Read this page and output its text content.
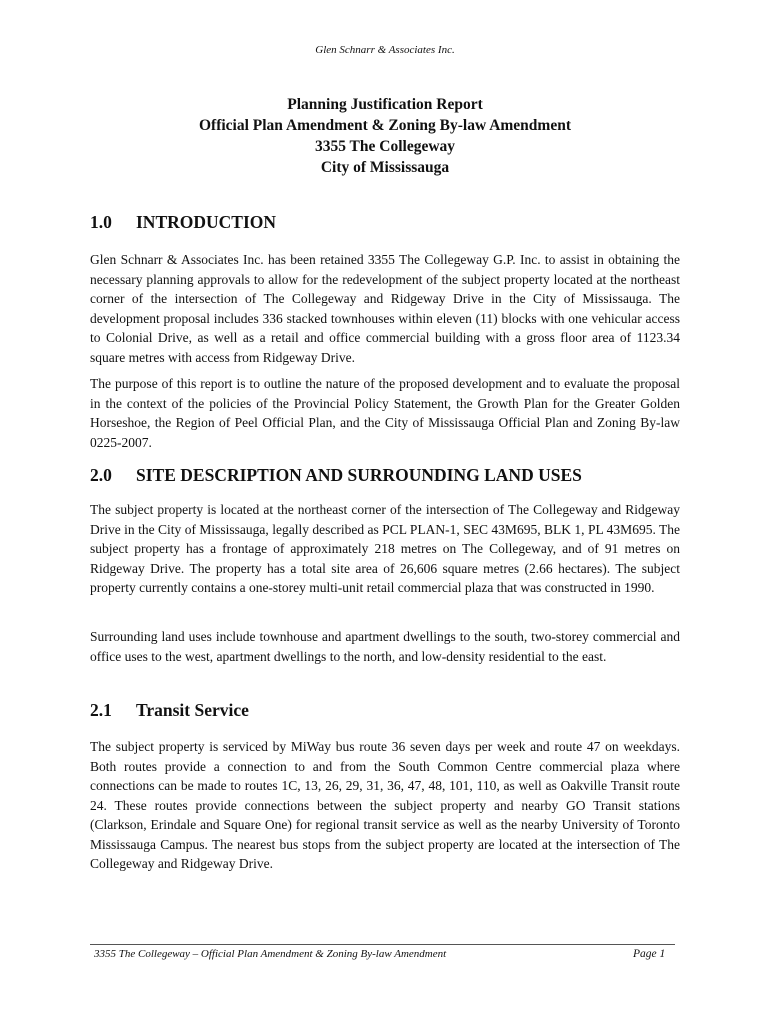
Glen Schnarr & Associates Inc.
Planning Justification Report
Official Plan Amendment & Zoning By-law Amendment
3355 The Collegeway
City of Mississauga
1.0 INTRODUCTION

Glen Schnarr & Associates Inc. has been retained 3355 The Collegeway G.P. Inc. to assist in obtaining the necessary planning approvals to allow for the redevelopment of the subject property located at the northeast corner of the intersection of The Collegeway and Ridgeway Drive in the City of Mississauga. The development proposal includes 336 stacked townhouses within eleven (11) blocks with one vehicular access to Colonial Drive, as well as a retail and office commercial building with a gross floor area of 1123.34 square metres with access from Ridgeway Drive.

The purpose of this report is to outline the nature of the proposed development and to evaluate the proposal in the context of the policies of the Provincial Policy Statement, the Growth Plan for the Greater Golden Horseshoe, the Region of Peel Official Plan, and the City of Mississauga Official Plan and Zoning By-law 0225-2007.

2.0 SITE DESCRIPTION AND SURROUNDING LAND USES

The subject property is located at the northeast corner of the intersection of The Collegeway and Ridgeway Drive in the City of Mississauga, legally described as PCL PLAN-1, SEC 43M695, BLK 1, PL 43M695. The subject property has a frontage of approximately 218 metres on The Collegeway, and of 91 metres on Ridgeway Drive. The property has a total site area of 26,606 square metres (2.66 hectares). The subject property currently contains a one-storey multi-unit retail commercial plaza that was constructed in 1990.

Surrounding land uses include townhouse and apartment dwellings to the south, two-storey commercial and office uses to the west, apartment dwellings to the north, and low-density residential to the east.

2.1 Transit Service

The subject property is serviced by MiWay bus route 36 seven days per week and route 47 on weekdays. Both routes provide a connection to and from the South Common Centre commercial plaza where connections can be made to routes 1C, 13, 26, 29, 31, 36, 47, 48, 101, 110, as well as Oakville Transit route 24. These routes provide connections between the subject property and nearby GO Transit stations (Clarkson, Erindale and Square One) for regional transit service as well as the nearby University of Toronto Mississauga Campus. The nearest bus stops from the subject property are located at the intersection of The Collegeway and Ridgeway Drive.

3355 The Collegeway – Official Plan Amendment & Zoning By-law Amendment	Page 1
